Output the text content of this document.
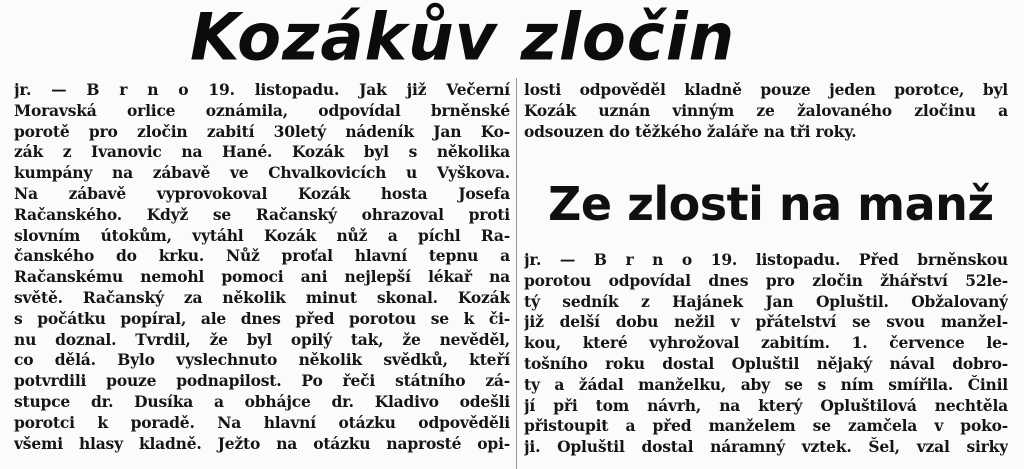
Kozákův zločin
jr. — B r n o 19. listopadu. Jak již Večerní
Moravská orlice oznámila, odpovídal brněnské
porotě pro zločin zabití 30letý nádeník Jan Ko-
zák z Ivanovic na Hané. Kozák byl s několika
kumpány na zábavě ve Chvalkovicích u Vyškova.
Na zábavě vyprovokoval Kozák hosta Josefa
Račanského. Když se Račanský ohrazoval proti
slovním útokům, vytáhl Kozák nůž a píchl Ra-
čanského do krku. Nůž proťal hlavní tepnu a
Račanskému nemohl pomoci ani nejlepší lékař na
světě. Račanský za několik minut skonal. Kozák
s počátku popíral, ale dnes před porotou se k či-
nu doznal. Tvrdil, že byl opilý tak, že nevěděl,
co dělá. Bylo vyslechnuto několik svědků, kteří
potvrdili pouze podnapilost. Po řeči státního zá-
stupce dr. Dusíka a obhájce dr. Kladivo odešli
porotci k poradě. Na hlavní otázku odpověděli
všemi hlasy kladně. Ježto na otázku naprosté opi-
losti odpověděl kladně pouze jeden porotce, byl
Kozák uznán vinným ze žalovaného zločinu a
odsouzen do těžkého žaláře na tři roky.
Ze zlosti na manž
jr. — B r n o 19. listopadu. Před brněnskou
porotou odpovídal dnes pro zločin žhářství 52le-
tý sedník z Hajánek Jan Opluštil. Obžalovaný
již delší dobu nežil v přátelství se svou manžel-
kou, které vyhrožoval zabitím. 1. července le-
tošního roku dostal Opluštil nějaký nával dobro-
ty a žádal manželku, aby se s ním smířila. Činil
jí při tom návrh, na který Opluštilová nechtěla
přistoupit a před manželem se zamčela v poko-
ji. Opluštil dostal náramný vztek. Šel, vzal sirky
